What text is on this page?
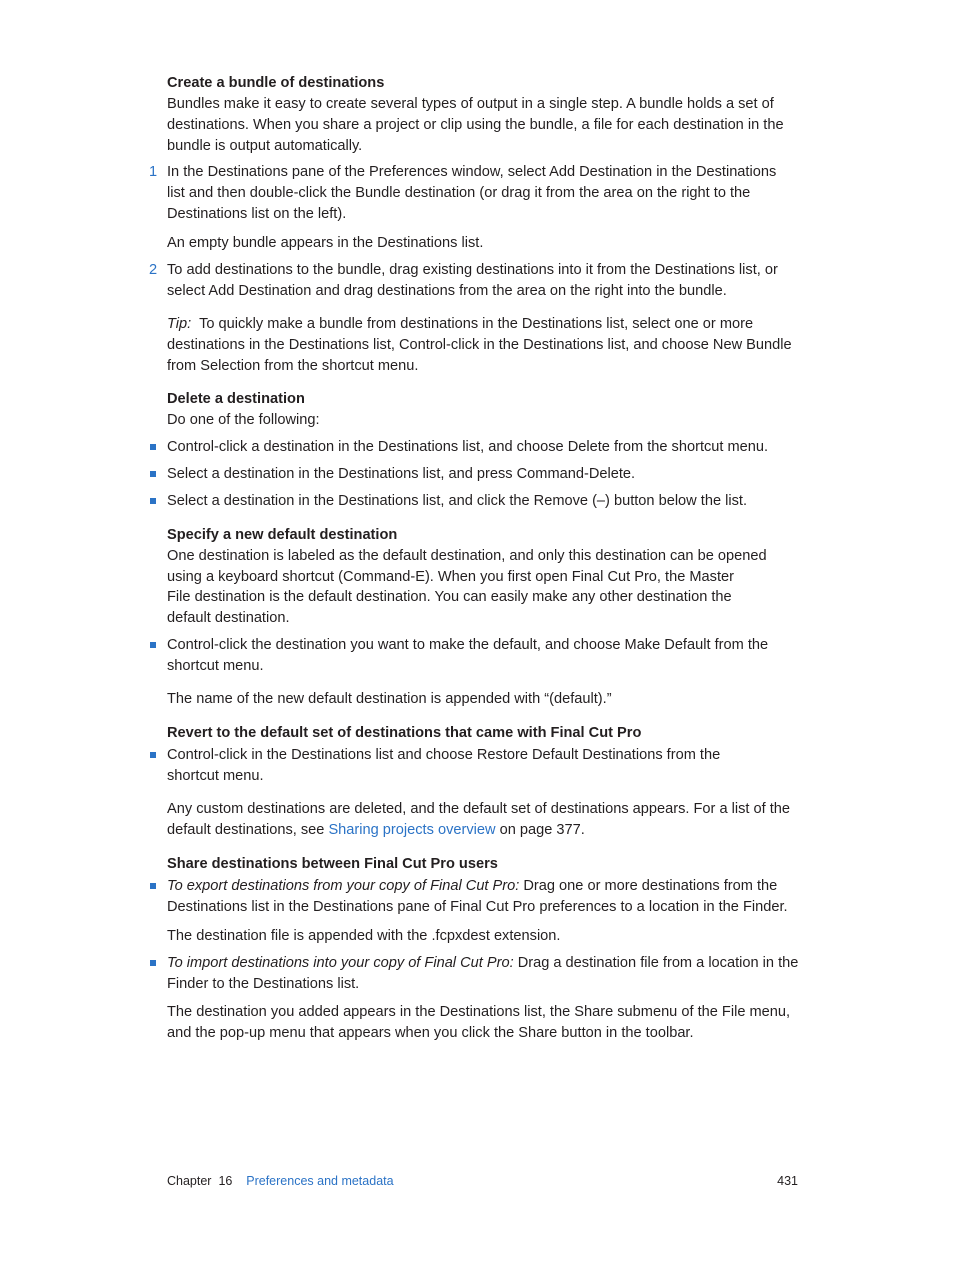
Create a bundle of destinations

Bundles make it easy to create several types of output in a single step. A bundle holds a set of
destinations. When you share a project or clip using the bundle, a file for each destination in the
bundle is output automatically.

1 In the Destinations pane of the Preferences window, select Add Destination in the Destinations
list and then double-click the Bundle destination (or drag it from the area on the right to the
Destinations list on the left).
An empty bundle appears in the Destinations list.
2 To add destinations to the bundle, drag existing destinations into it from the Destinations list, or
select Add Destination and drag destinations from the area on the right into the bundle.
Tip: To quickly make a bundle from destinations in the Destinations list, select one or more
destinations in the Destinations list, Control-click in the Destinations list, and choose New Bundle
from Selection from the shortcut menu.

Delete a destination

Do one of the following:

Control-click a destination in the Destinations list, and choose Delete from the shortcut menu.
Select a destination in the Destinations list, and press Command-Delete.
Select a destination in the Destinations list, and click the Remove (–) button below the list.

Specify a new default destination

One destination is labeled as the default destination, and only this destination can be opened
using a keyboard shortcut (Command-E). When you first open Final Cut Pro, the Master
File destination is the default destination. You can easily make any other destination the
default destination.

Control-click the destination you want to make the default, and choose Make Default from the
shortcut menu.
The name of the new default destination is appended with “(default).”

Revert to the default set of destinations that came with Final Cut Pro

Control-click in the Destinations list and choose Restore Default Destinations from the
shortcut menu.
Any custom destinations are deleted, and the default set of destinations appears. For a list of the
default destinations, see Sharing projects overview on page 377.

Share destinations between Final Cut Pro users

To export destinations from your copy of Final Cut Pro: Drag one or more destinations from the
Destinations list in the Destinations pane of Final Cut Pro preferences to a location in the Finder.
The destination file is appended with the .fcpxdest extension.
To import destinations into your copy of Final Cut Pro: Drag a destination file from a location in the
Finder to the Destinations list.
The destination you added appears in the Destinations list, the Share submenu of the File menu,
and the pop-up menu that appears when you click the Share button in the toolbar.
Chapter 16 Preferences and metadata	431
